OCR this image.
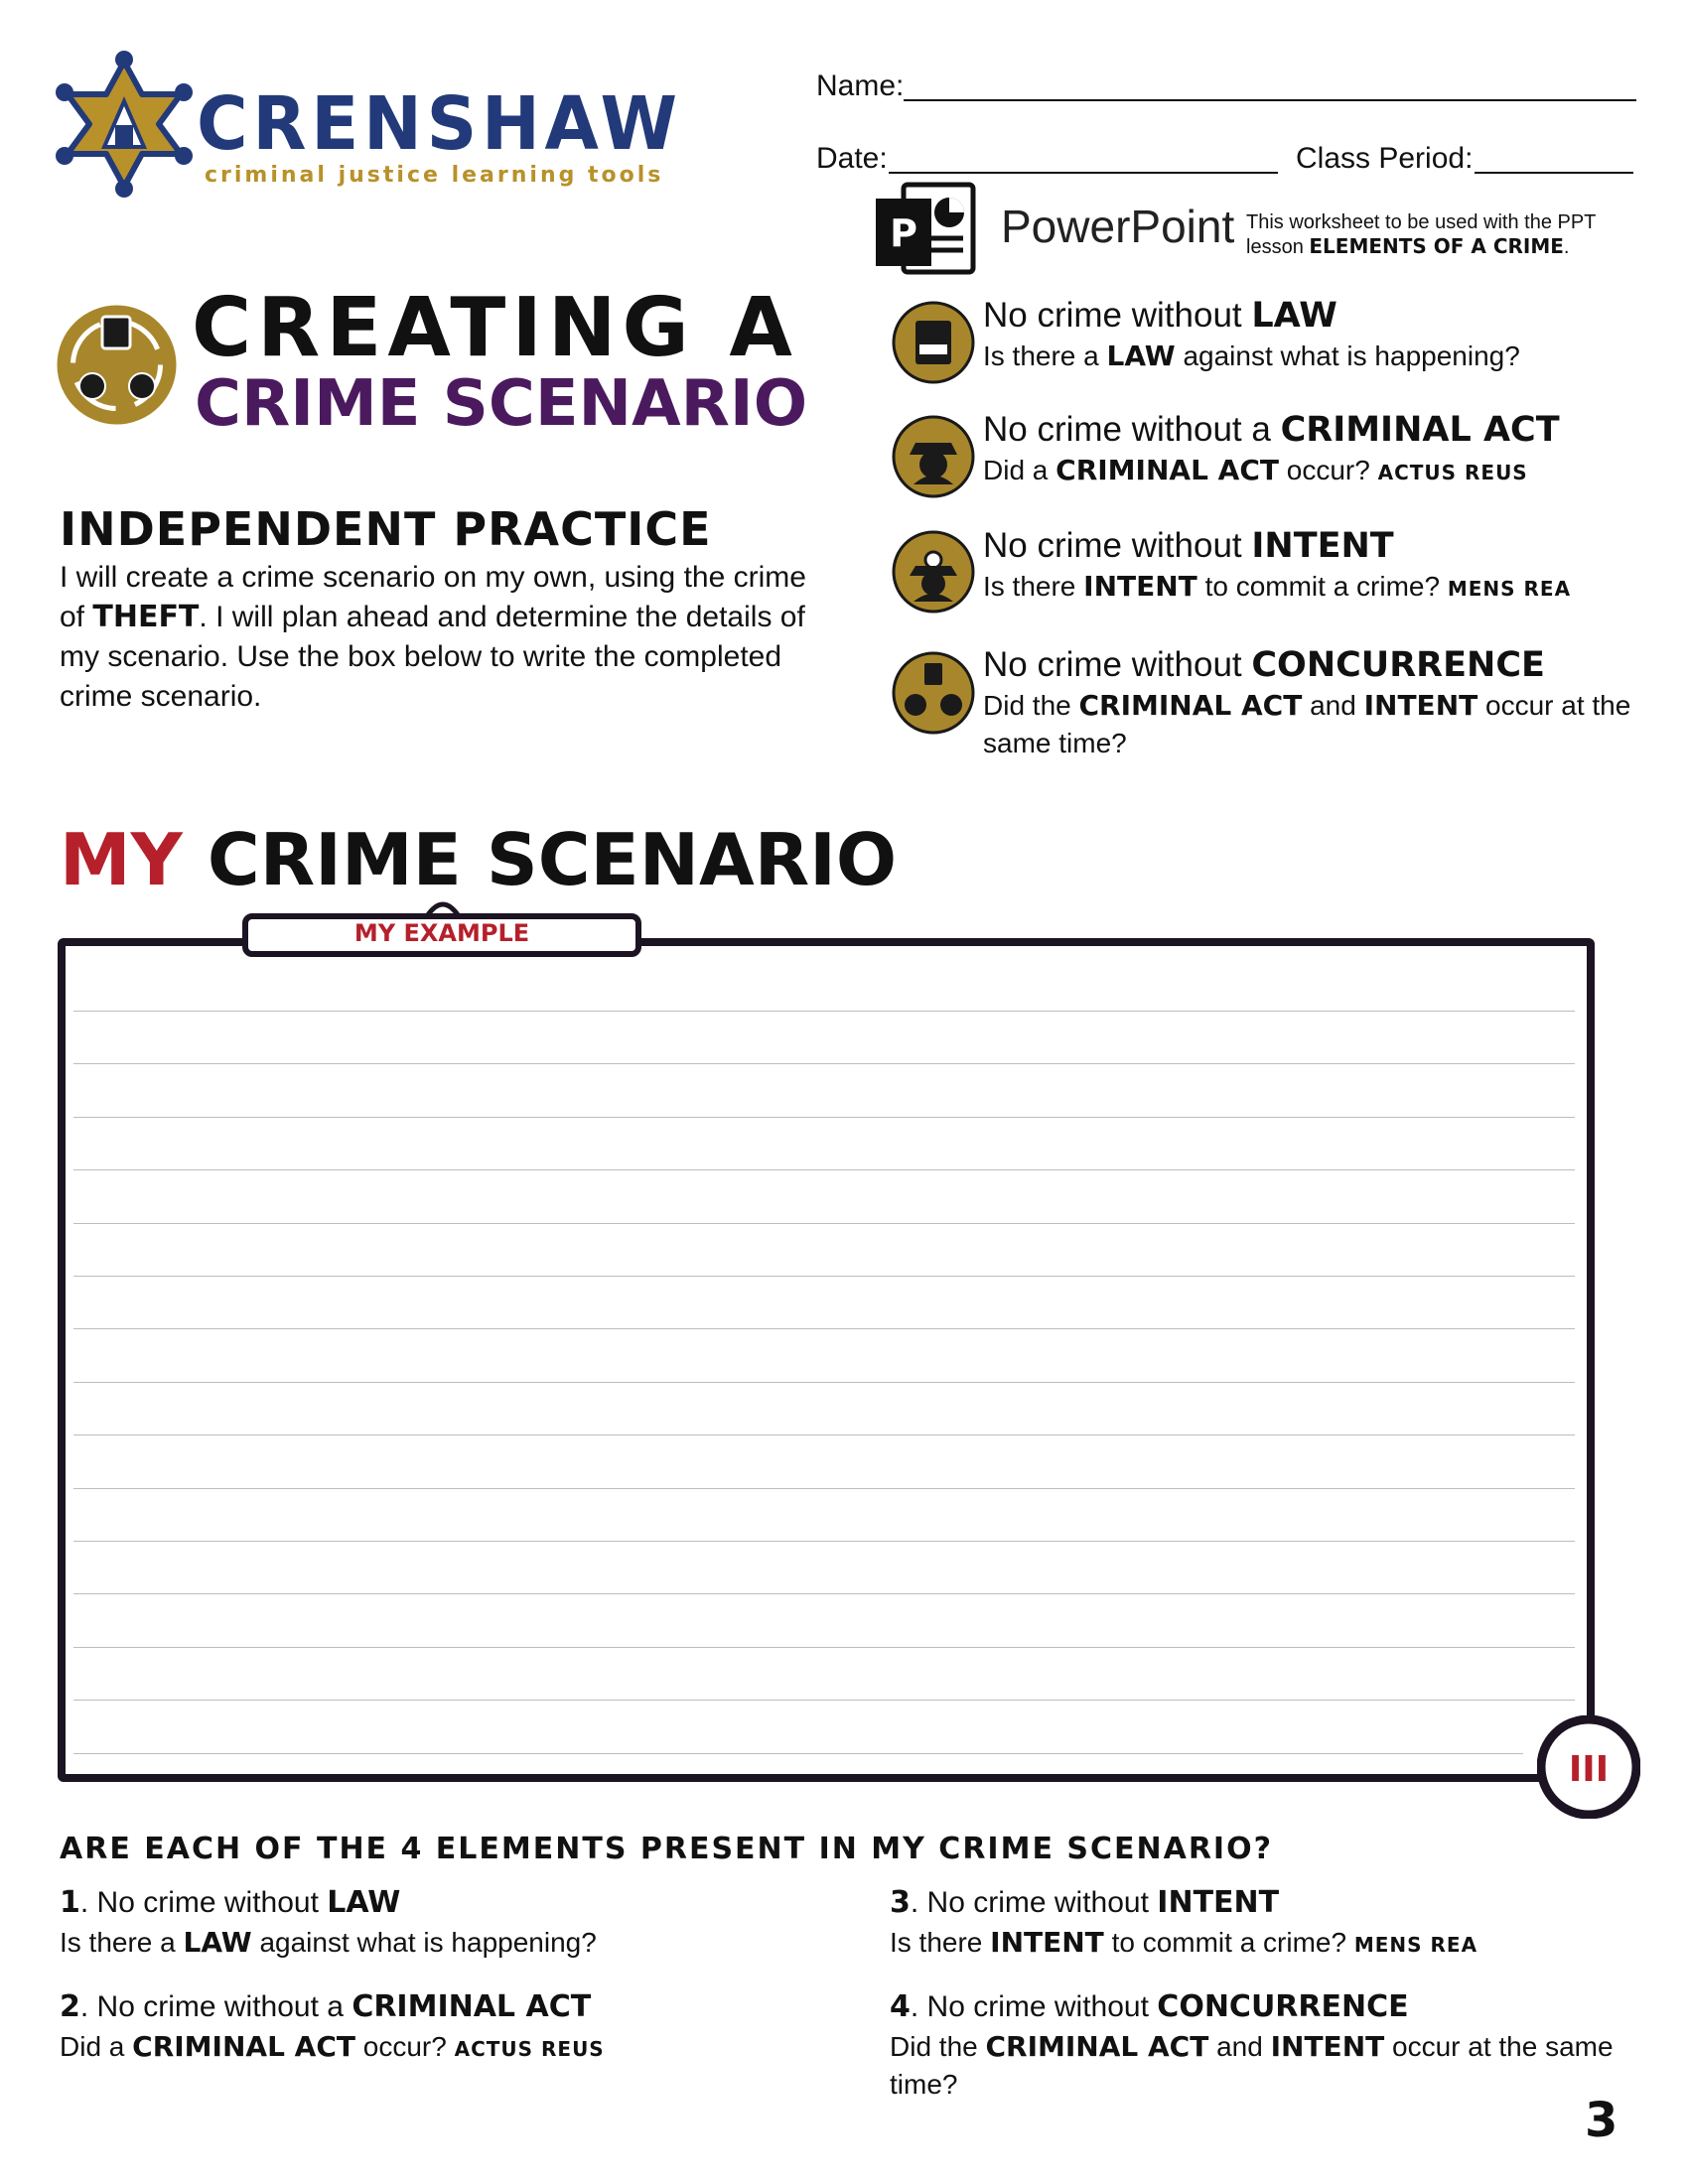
CRENSHAW
criminal justice learning tools
Name:
Date:	Class Period:
P PowerPoint This worksheet to be used with the PPT
lesson ELEMENTS OF A CRIME.
CREATING A
CRIME SCENARIO
INDEPENDENT PRACTICE
I will create a crime scenario on my own, using the crime of THEFT. I will plan ahead and determine the details of my scenario. Use the box below to write the completed crime scenario.
No crime without LAW
Is there a LAW against what is happening?
No crime without a CRIMINAL ACT
Did a CRIMINAL ACT occur? ACTUS REUS
No crime without INTENT
Is there INTENT to commit a crime? MENS REA
No crime without CONCURRENCE
Did the CRIMINAL ACT and INTENT occur at the same time?
MY CRIME SCENARIO
MY EXAMPLE
III
ARE EACH OF THE 4 ELEMENTS PRESENT IN MY CRIME SCENARIO?
1. No crime without LAW
Is there a LAW against what is happening?
2. No crime without a CRIMINAL ACT
Did a CRIMINAL ACT occur? ACTUS REUS
3. No crime without INTENT
Is there INTENT to commit a crime? MENS REA
4. No crime without CONCURRENCE
Did the CRIMINAL ACT and INTENT occur at the same time?
3
